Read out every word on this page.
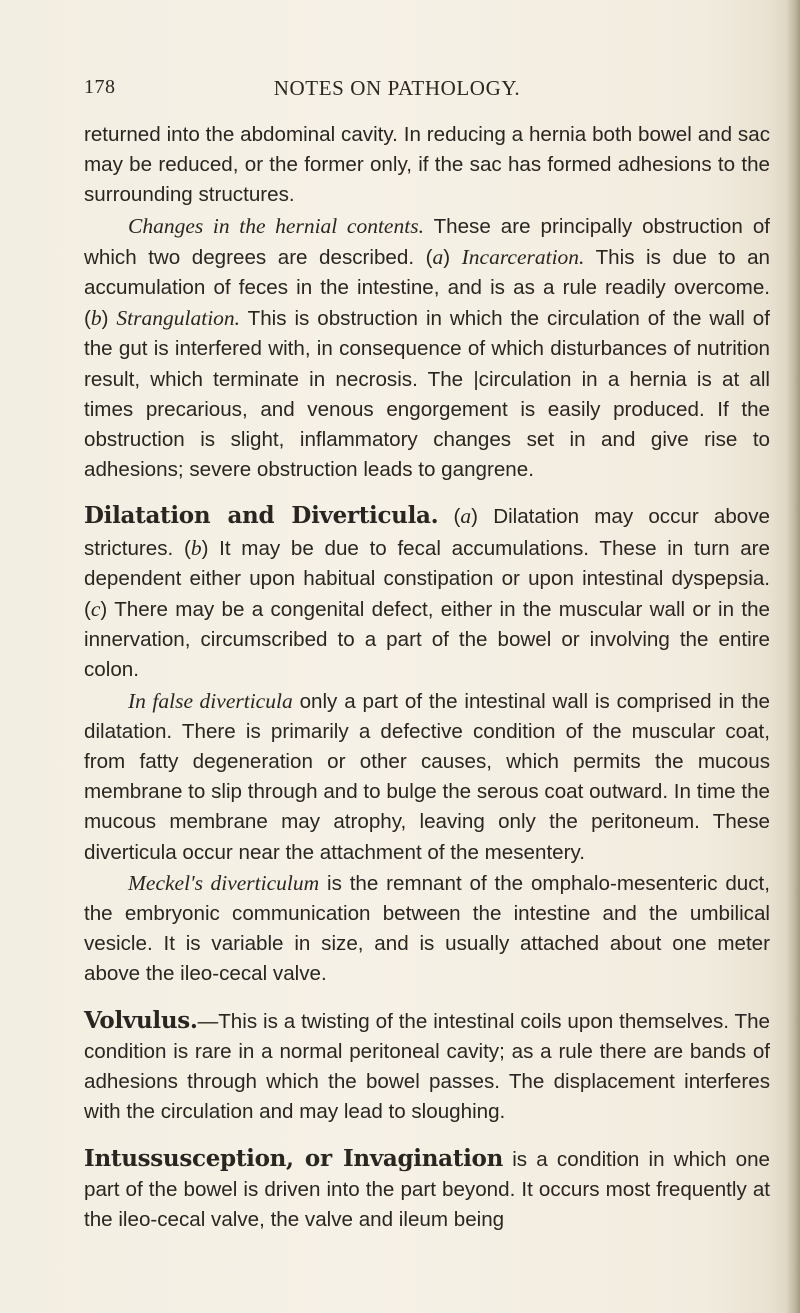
178	NOTES ON PATHOLOGY.

returned into the abdominal cavity. In reducing a hernia both bowel and sac may be reduced, or the former only, if the sac has formed adhesions to the surrounding structures.

Changes in the hernial contents. These are principally obstruction of which two degrees are described. (a) Incarceration. This is due to an accumulation of feces in the intestine, and is as a rule readily overcome. (b) Strangulation. This is obstruction in which the circulation of the wall of the gut is interfered with, in consequence of which disturbances of nutrition result, which terminate in necrosis. The |circulation in a hernia is at all times precarious, and venous engorgement is easily produced. If the obstruction is slight, inflammatory changes set in and give rise to adhesions; severe obstruction leads to gangrene.

Dilatation and Diverticula. (a) Dilatation may occur above strictures. (b) It may be due to fecal accumulations. These in turn are dependent either upon habitual constipation or upon intestinal dyspepsia. (c) There may be a congenital defect, either in the muscular wall or in the innervation, circumscribed to a part of the bowel or involving the entire colon.

In false diverticula only a part of the intestinal wall is comprised in the dilatation. There is primarily a defective condition of the muscular coat, from fatty degeneration or other causes, which permits the mucous membrane to slip through and to bulge the serous coat outward. In time the mucous membrane may atrophy, leaving only the peritoneum. These diverticula occur near the attachment of the mesentery.

Meckel's diverticulum is the remnant of the omphalo-mesenteric duct, the embryonic communication between the intestine and the umbilical vesicle. It is variable in size, and is usually attached about one meter above the ileo-cecal valve.

Volvulus.—This is a twisting of the intestinal coils upon themselves. The condition is rare in a normal peritoneal cavity; as a rule there are bands of adhesions through which the bowel passes. The displacement interferes with the circulation and may lead to sloughing.

Intussusception, or Invagination is a condition in which one part of the bowel is driven into the part beyond. It occurs most frequently at the ileo-cecal valve, the valve and ileum being
